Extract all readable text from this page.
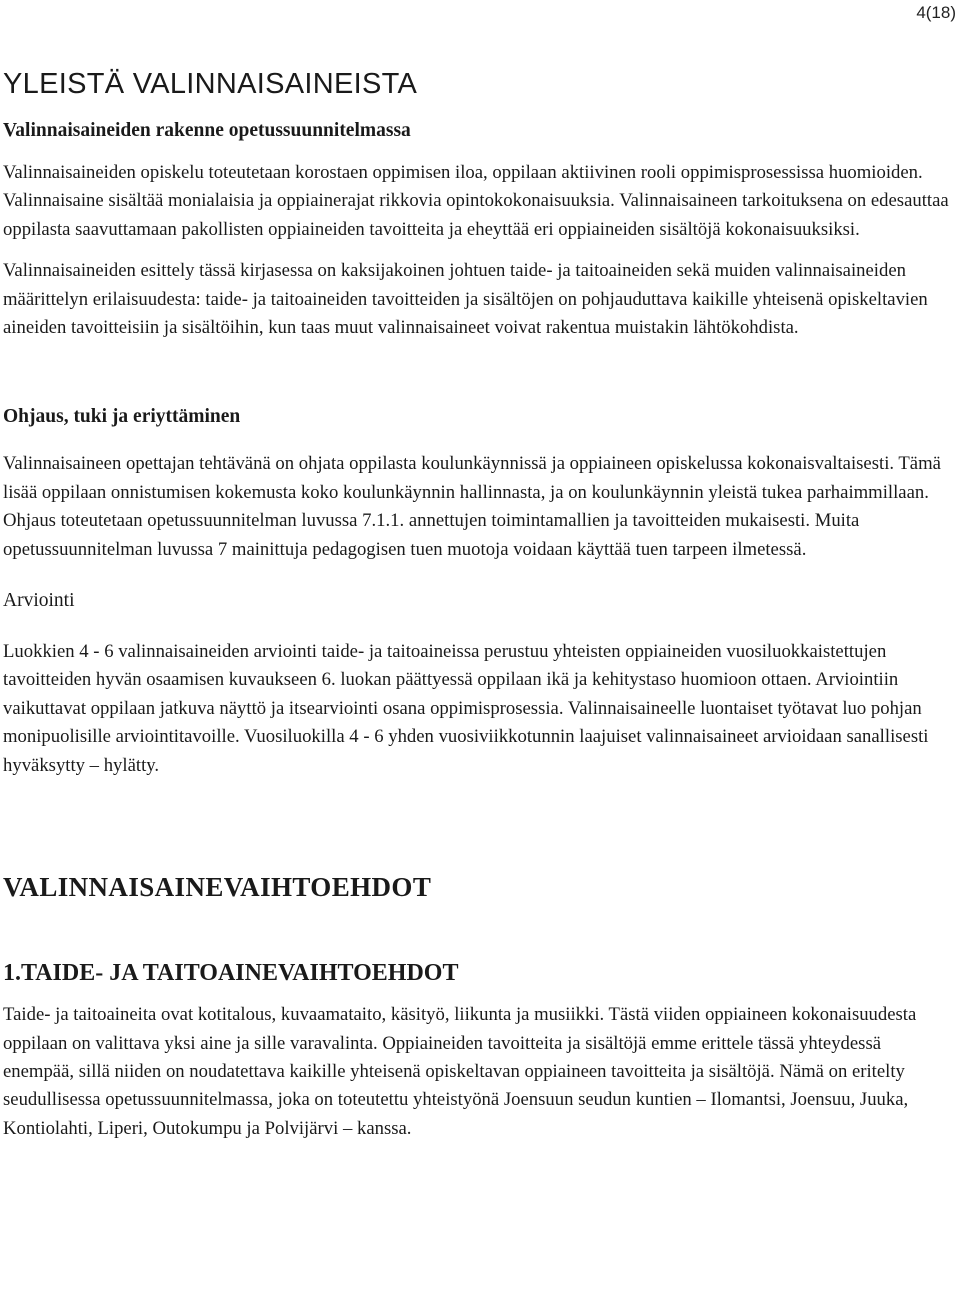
4(18)
YLEISTÄ VALINNAISAINEISTA
Valinnaisaineiden rakenne opetussuunnitelmassa

Valinnaisaineiden opiskelu toteutetaan korostaen oppimisen iloa, oppilaan aktiivinen rooli oppimisprosessissa huomioiden. Valinnaisaine sisältää monialaisia ja oppiainerajat rikkovia opintokokonaisuuksia. Valinnaisaineen tarkoituksena on edesauttaa oppilasta saavuttamaan pakollisten oppiaineiden tavoitteita ja eheyttää eri oppiaineiden sisältöjä kokonaisuuksiksi.

Valinnaisaineiden esittely tässä kirjasessa on kaksijakoinen johtuen taide- ja taitoaineiden sekä muiden valinnaisaineiden määrittelyn erilaisuudesta: taide- ja taitoaineiden tavoitteiden ja sisältöjen on pohjauduttava kaikille yhteisenä opiskeltavien aineiden tavoitteisiin ja sisältöihin, kun taas muut valinnaisaineet voivat rakentua muistakin lähtökohdista.

Ohjaus, tuki ja eriyttäminen

Valinnaisaineen opettajan tehtävänä on ohjata oppilasta koulunkäynnissä ja oppiaineen opiskelussa kokonaisvaltaisesti. Tämä lisää oppilaan onnistumisen kokemusta koko koulunkäynnin hallinnasta, ja on koulunkäynnin yleistä tukea parhaimmillaan. Ohjaus toteutetaan opetussuunnitelman luvussa 7.1.1. annettujen toimintamallien ja tavoitteiden mukaisesti. Muita opetussuunnitelman luvussa 7 mainittuja pedagogisen tuen muotoja voidaan käyttää tuen tarpeen ilmetessä.

Arviointi

Luokkien 4 - 6 valinnaisaineiden arviointi taide- ja taitoaineissa perustuu yhteisten oppiaineiden vuosiluokkaistettujen tavoitteiden hyvän osaamisen kuvaukseen 6. luokan päättyessä oppilaan ikä ja kehitystaso huomioon ottaen. Arviointiin vaikuttavat oppilaan jatkuva näyttö ja itsearviointi osana oppimisprosessia. Valinnaisaineelle luontaiset työtavat luo pohjan monipuolisille arviointitavoille. Vuosiluokilla 4 - 6 yhden vuosiviikkotunnin laajuiset valinnaisaineet arvioidaan sanallisesti hyväksytty – hylätty.

VALINNAISAINEVAIHTOEHDOT
1.TAIDE- JA TAITOAINEVAIHTOEHDOT

Taide- ja taitoaineita ovat kotitalous, kuvaamataito, käsityö, liikunta ja musiikki. Tästä viiden oppiaineen kokonaisuudesta oppilaan on valittava yksi aine ja sille varavalinta. Oppiaineiden tavoitteita ja sisältöjä emme erittele tässä yhteydessä enempää, sillä niiden on noudatettava kaikille yhteisenä opiskeltavan oppiaineen tavoitteita ja sisältöjä. Nämä on eritelty seudullisessa opetussuunnitelmassa, joka on toteutettu yhteistyönä Joensuun seudun kuntien – Ilomantsi, Joensuu, Juuka, Kontiolahti, Liperi, Outokumpu ja Polvijärvi – kanssa.
